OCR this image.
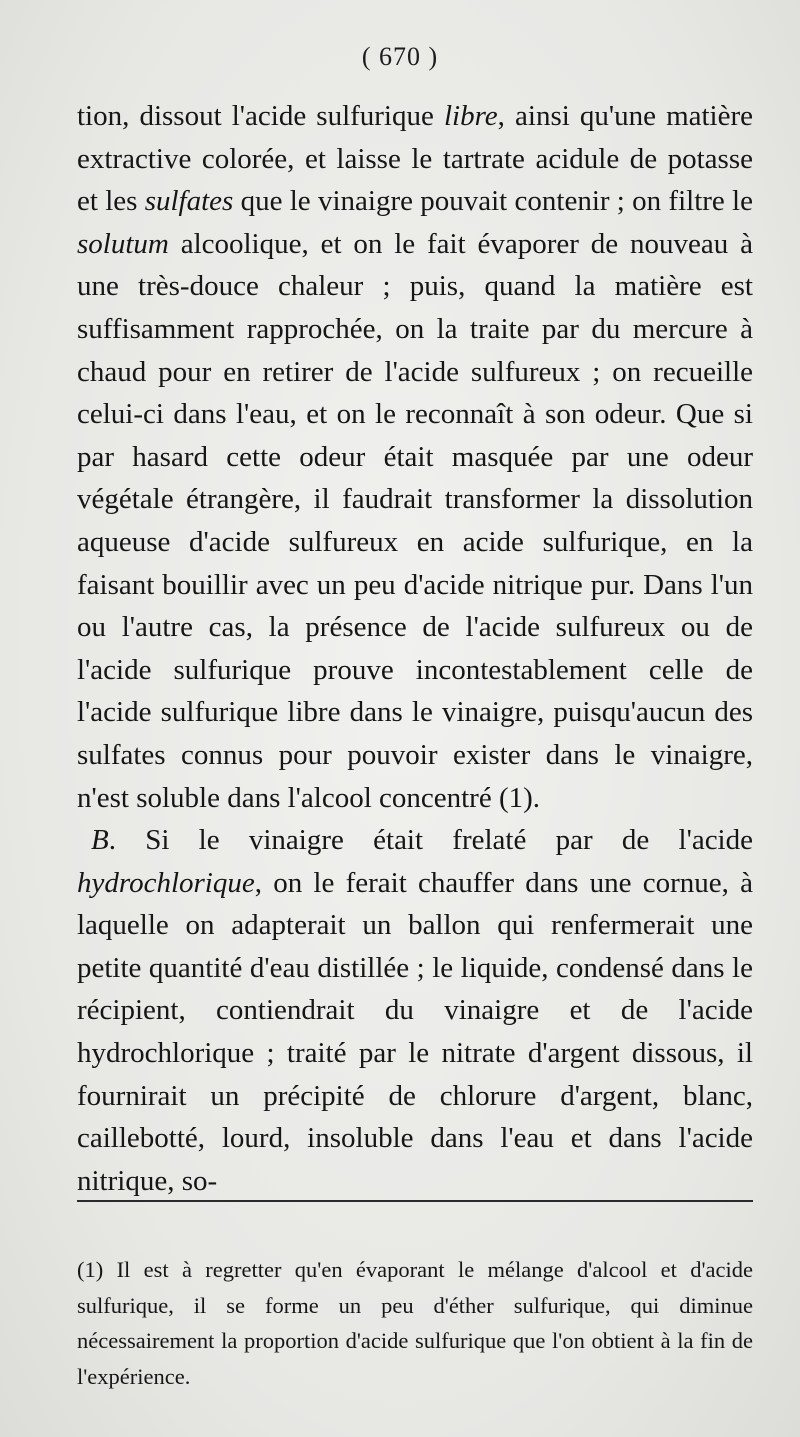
( 670 )

tion, dissout l'acide sulfurique libre, ainsi qu'une matière extractive colorée, et laisse le tartrate acidule de potasse et les sulfates que le vinaigre pouvait contenir ; on filtre le solutum alcoolique, et on le fait évaporer de nouveau à une très-douce chaleur ; puis, quand la matière est suffisamment rapprochée, on la traite par du mercure à chaud pour en retirer de l'acide sulfureux ; on recueille celui-ci dans l'eau, et on le reconnaît à son odeur. Que si par hasard cette odeur était masquée par une odeur végétale étrangère, il faudrait transformer la dissolution aqueuse d'acide sulfureux en acide sulfurique, en la faisant bouillir avec un peu d'acide nitrique pur. Dans l'un ou l'autre cas, la présence de l'acide sulfureux ou de l'acide sulfurique prouve incontestablement celle de l'acide sulfurique libre dans le vinaigre, puisqu'aucun des sulfates connus pour pouvoir exister dans le vinaigre, n'est soluble dans l'alcool concentré (1).

B. Si le vinaigre était frelaté par de l'acide hydrochlorique, on le ferait chauffer dans une cornue, à laquelle on adapterait un ballon qui renfermerait une petite quantité d'eau distillée ; le liquide, condensé dans le récipient, contiendrait du vinaigre et de l'acide hydrochlorique ; traité par le nitrate d'argent dissous, il fournirait un précipité de chlorure d'argent, blanc, caillebotté, lourd, insoluble dans l'eau et dans l'acide nitrique, so-

(1) Il est à regretter qu'en évaporant le mélange d'alcool et d'acide sulfurique, il se forme un peu d'éther sulfurique, qui diminue nécessairement la proportion d'acide sulfurique que l'on obtient à la fin de l'expérience.
